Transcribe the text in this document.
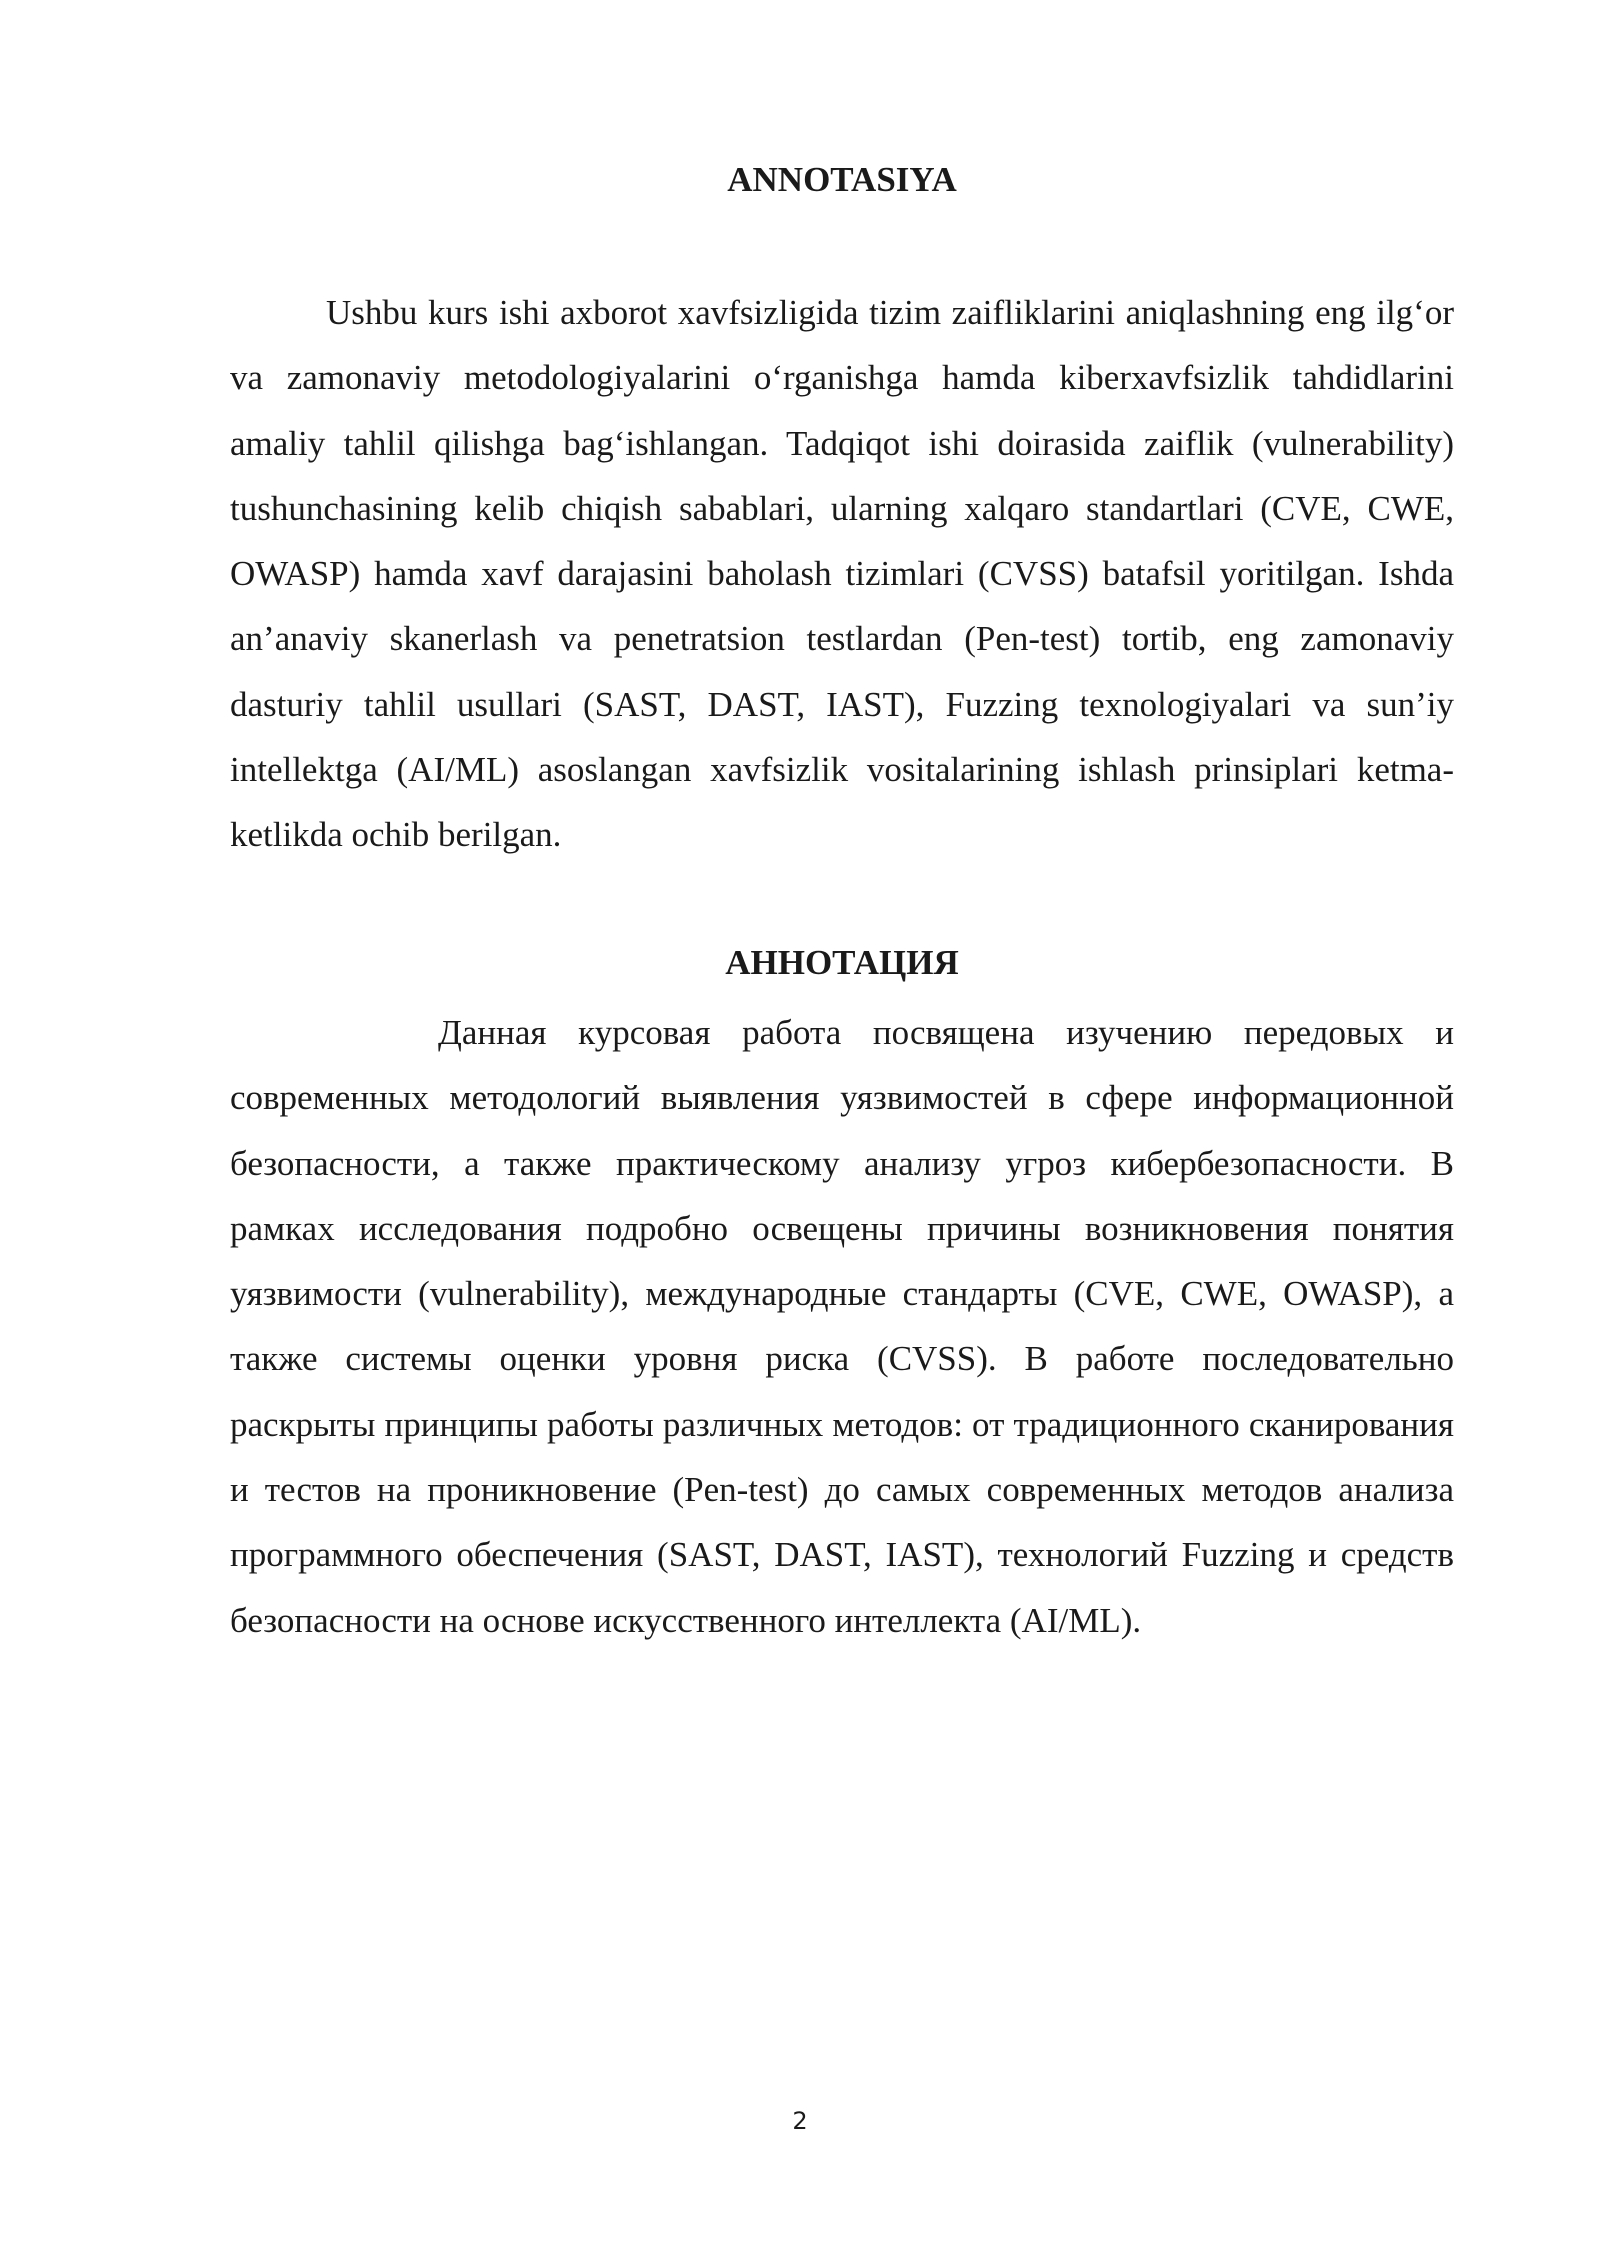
ANNOTASIYA

Ushbu kurs ishi axborot xavfsizligida tizim zaifliklarini aniqlashning eng ilg‘or va zamonaviy metodologiyalarini o‘rganishga hamda kiberxavfsizlik tahdidlarini amaliy tahlil qilishga bag‘ishlangan. Tadqiqot ishi doirasida zaiflik (vulnerability) tushunchasining kelib chiqish sabablari, ularning xalqaro standartlari (CVE, CWE, OWASP) hamda xavf darajasini baholash tizimlari (CVSS) batafsil yoritilgan. Ishda an’anaviy skanerlash va penetratsion testlardan (Pen-test) tortib, eng zamonaviy dasturiy tahlil usullari (SAST, DAST, IAST), Fuzzing texnologiyalari va sun’iy intellektga (AI/ML) asoslangan xavfsizlik vositalarining ishlash prinsiplari ketma-ketlikda ochib berilgan.

АННОТАЦИЯ

Данная курсовая работа посвящена изучению передовых и современных методологий выявления уязвимостей в сфере информационной безопасности, а также практическому анализу угроз кибербезопасности. В рамках исследования подробно освещены причины возникновения понятия уязвимости (vulnerability), международные стандарты (CVE, CWE, OWASP), а также системы оценки уровня риска (CVSS). В работе последовательно раскрыты принципы работы различных методов: от традиционного сканирования и тестов на проникновение (Pen-test) до самых современных методов анализа программного обеспечения (SAST, DAST, IAST), технологий Fuzzing и средств безопасности на основе искусственного интеллекта (AI/ML).

2
